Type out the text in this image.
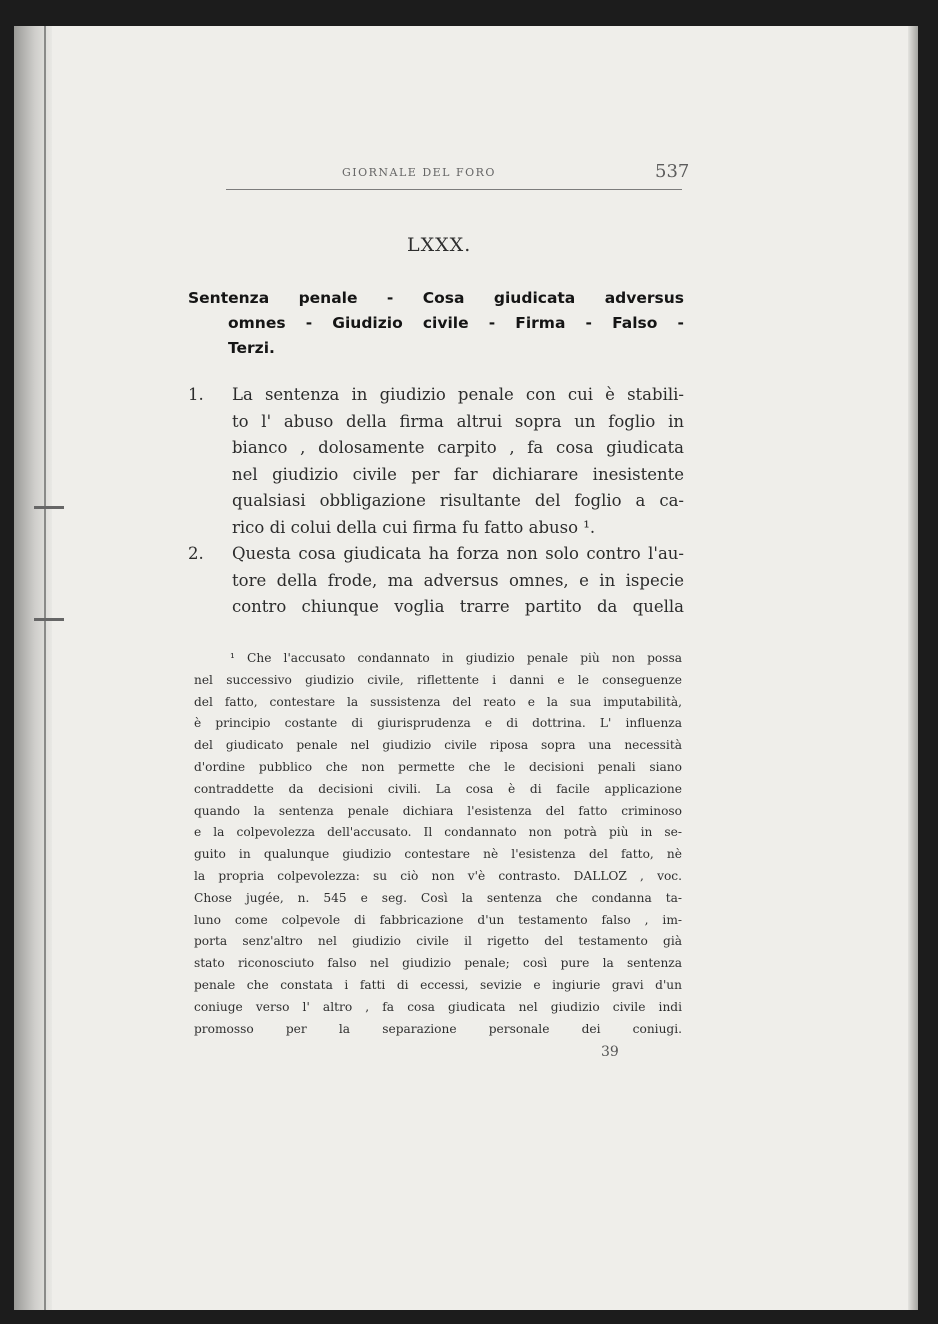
GIORNALE DEL FORO	537
LXXX.
Sentenza penale - Cosa giudicata adversus
omnes - Giudizio civile - Firma - Falso -
Terzi.
1. La sentenza in giudizio penale con cui è stabili-
to l' abuso della firma altrui sopra un foglio in
bianco , dolosamente carpito , fa cosa giudicata
nel giudizio civile per far dichiarare inesistente
qualsiasi obbligazione risultante del foglio a ca-
rico di colui della cui firma fu fatto abuso ¹.
2. Questa cosa giudicata ha forza non solo contro l'au-
tore della frode, ma adversus omnes, e in ispecie
contro chiunque voglia trarre partito da quella
¹ Che l'accusato condannato in giudizio penale più non possa
nel successivo giudizio civile, riflettente i danni e le conseguenze
del fatto, contestare la sussistenza del reato e la sua imputabilità,
è principio costante di giurisprudenza e di dottrina. L' influenza
del giudicato penale nel giudizio civile riposa sopra una necessità
d'ordine pubblico che non permette che le decisioni penali siano
contraddette da decisioni civili. La cosa è di facile applicazione
quando la sentenza penale dichiara l'esistenza del fatto criminoso
e la colpevolezza dell'accusato. Il condannato non potrà più in se-
guito in qualunque giudizio contestare nè l'esistenza del fatto, nè
la propria colpevolezza: su ciò non v'è contrasto. DALLOZ , voc.
Chose jugée, n. 545 e seg. Così la sentenza che condanna ta-
luno come colpevole di fabbricazione d'un testamento falso , im-
porta senz'altro nel giudizio civile il rigetto del testamento già
stato riconosciuto falso nel giudizio penale; così pure la sentenza
penale che constata i fatti di eccessi, sevizie e ingiurie gravi d'un
coniuge verso l' altro , fa cosa giudicata nel giudizio civile indi
promosso per la separazione personale dei coniugi.
39
